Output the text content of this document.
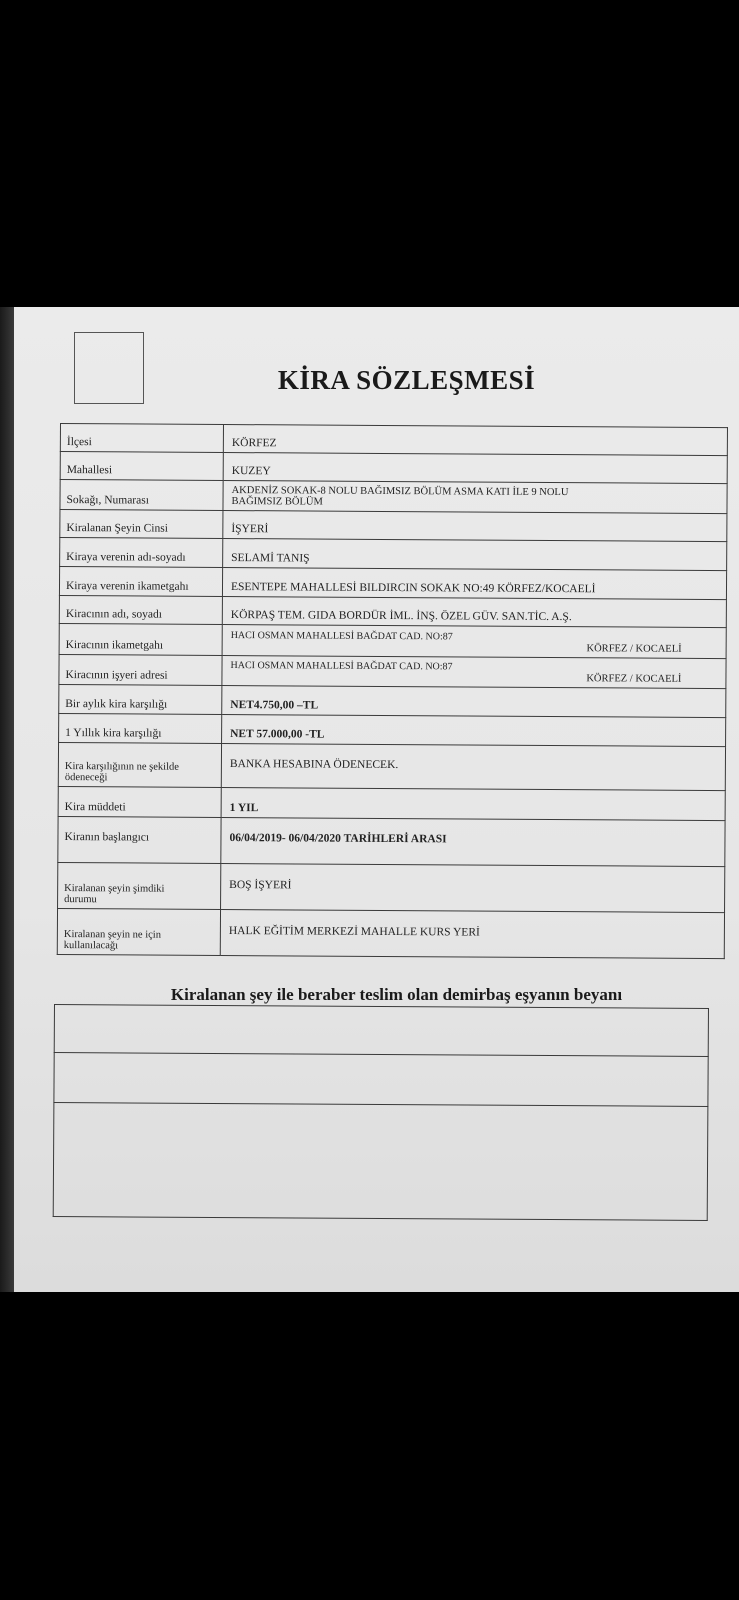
KİRA SÖZLEŞMESİ
İlçesi	KÖRFEZ
Mahallesi	KUZEY
Sokağı, Numarası	AKDENİZ SOKAK-8 NOLU BAĞIMSIZ BÖLÜM ASMA KATI İLE 9 NOLU
BAĞIMSIZ BÖLÜM

Kiralanan Şeyin Cinsi	İŞYERİ
Kiraya verenin adı-soyadı	SELAMİ TANIŞ
Kiraya verenin ikametgahı	ESENTEPE MAHALLESİ BILDIRCIN SOKAK NO:49 KÖRFEZ/KOCAELİ
Kiracının adı, soyadı	KÖRPAŞ TEM. GIDA BORDÜR İML. İNŞ. ÖZEL GÜV. SAN.TİC. A.Ş.
Kiracının ikametgahı	HACI OSMAN MAHALLESİ BAĞDAT CAD. NO:87
KÖRFEZ / KOCAELİ

Kiracının işyeri adresi	HACI OSMAN MAHALLESİ BAĞDAT CAD. NO:87
KÖRFEZ / KOCAELİ

Bir aylık kira karşılığı	NET4.750,00 –TL
1 Yıllık kira karşılığı	NET 57.000,00 -TL

Kira karşılığının ne şekilde
ödeneceği	BANKA HESABINA ÖDENECEK.
Kira müddeti	1 YIL
Kiranın başlangıcı	06/04/2019- 06/04/2020 TARİHLERİ ARASI

Kiralanan şeyin şimdiki
durumu	BOŞ İŞYERİ

Kiralanan şeyin ne için
kullanılacağı	HALK EĞİTİM MERKEZİ MAHALLE KURS YERİ
Kiralanan şey ile beraber teslim olan demirbaş eşyanın beyanı
